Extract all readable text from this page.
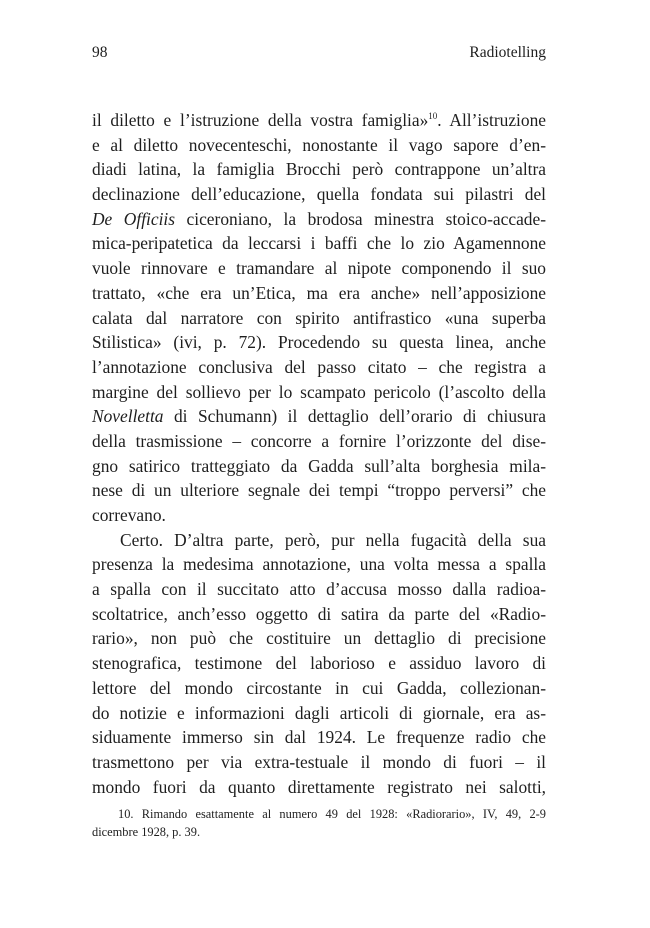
98	Radiotelling
il diletto e l’istruzione della vostra famiglia»$^{10}$. All’istruzione
e al diletto novecenteschi, nonostante il vago sapore d’en-
diadi latina, la famiglia Brocchi però contrappone un’altra
declinazione dell’educazione, quella fondata sui pilastri del
De Officiis ciceroniano, la brodosa minestra stoico-accade-
mica-peripatetica da leccarsi i baffi che lo zio Agamennone
vuole rinnovare e tramandare al nipote componendo il suo
trattato, «che era un’Etica, ma era anche» nell’apposizione
calata dal narratore con spirito antifrastico «una superba
Stilistica» (ivi, p. 72). Procedendo su questa linea, anche
l’annotazione conclusiva del passo citato – che registra a
margine del sollievo per lo scampato pericolo (l’ascolto della
Novelletta di Schumann) il dettaglio dell’orario di chiusura
della trasmissione – concorre a fornire l’orizzonte del dise-
gno satirico tratteggiato da Gadda sull’alta borghesia mila-
nese di un ulteriore segnale dei tempi “troppo perversi” che
correvano.
Certo. D’altra parte, però, pur nella fugacità della sua
presenza la medesima annotazione, una volta messa a spalla
a spalla con il succitato atto d’accusa mosso dalla radioa-
scoltatrice, anch’esso oggetto di satira da parte del «Radio-
rario», non può che costituire un dettaglio di precisione
stenografica, testimone del laborioso e assiduo lavoro di
lettore del mondo circostante in cui Gadda, collezionan-
do notizie e informazioni dagli articoli di giornale, era as-
siduamente immerso sin dal 1924. Le frequenze radio che
trasmettono per via extra-testuale il mondo di fuori – il
mondo fuori da quanto direttamente registrato nei salotti,
10. Rimando esattamente al numero 49 del 1928: «Radiorario», IV, 49, 2-9
dicembre 1928, p. 39.
